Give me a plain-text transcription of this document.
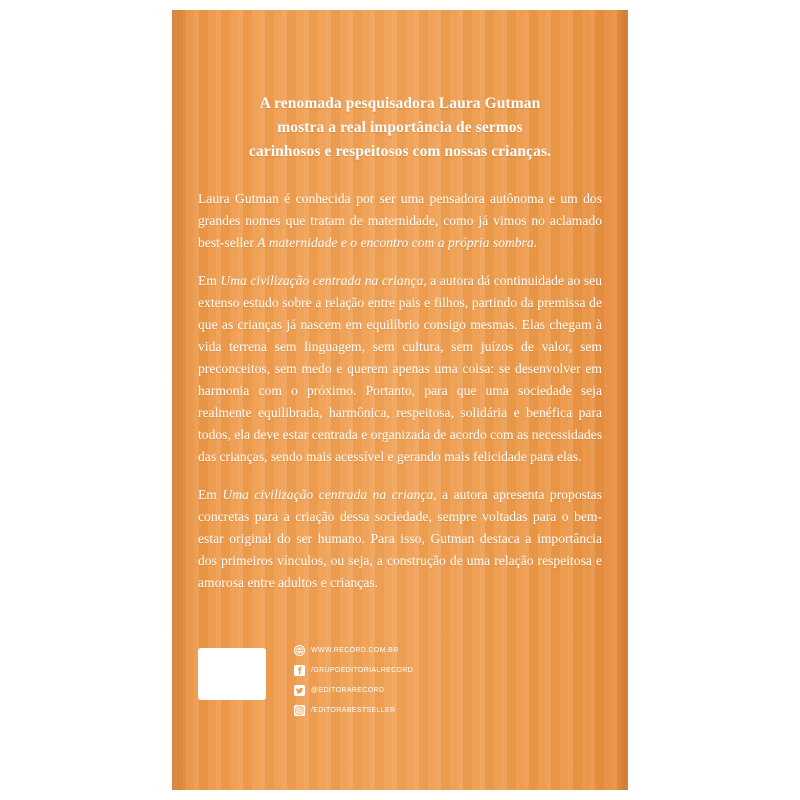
A renomada pesquisadora Laura Gutman
mostra a real importância de sermos
carinhosos e respeitosos com nossas crianças.

Laura Gutman é conhecida por ser uma pensadora autônoma e um dos grandes nomes que tratam de maternidade, como já vimos no aclamado best-seller A maternidade e o encontro com a própria sombra.

Em Uma civilização centrada na criança, a autora dá continuidade ao seu extenso estudo sobre a relação entre pais e filhos, partindo da premissa de que as crianças já nascem em equilíbrio consigo mesmas. Elas chegam à vida terrena sem linguagem, sem cultura, sem juízos de valor, sem preconceitos, sem medo e querem apenas uma coisa: se desenvolver em harmonia com o próximo. Portanto, para que uma sociedade seja realmente equilibrada, harmônica, respeitosa, solidária e benéfica para todos, ela deve estar centrada e organizada de acordo com as necessidades das crianças, sendo mais acessível e gerando mais felicidade para elas.

Em Uma civilização centrada na criança, a autora apresenta propostas concretas para a criação dessa sociedade, sempre voltadas para o bem-estar original do ser humano. Para isso, Gutman destaca a importância dos primeiros vínculos, ou seja, a construção de uma relação respeitosa e amorosa entre adultos e crianças.

WWW.RECORD.COM.BR
/GRUPOEDITORIALRECORD
@EDITORARECORD
/EDITORABESTSELLER
